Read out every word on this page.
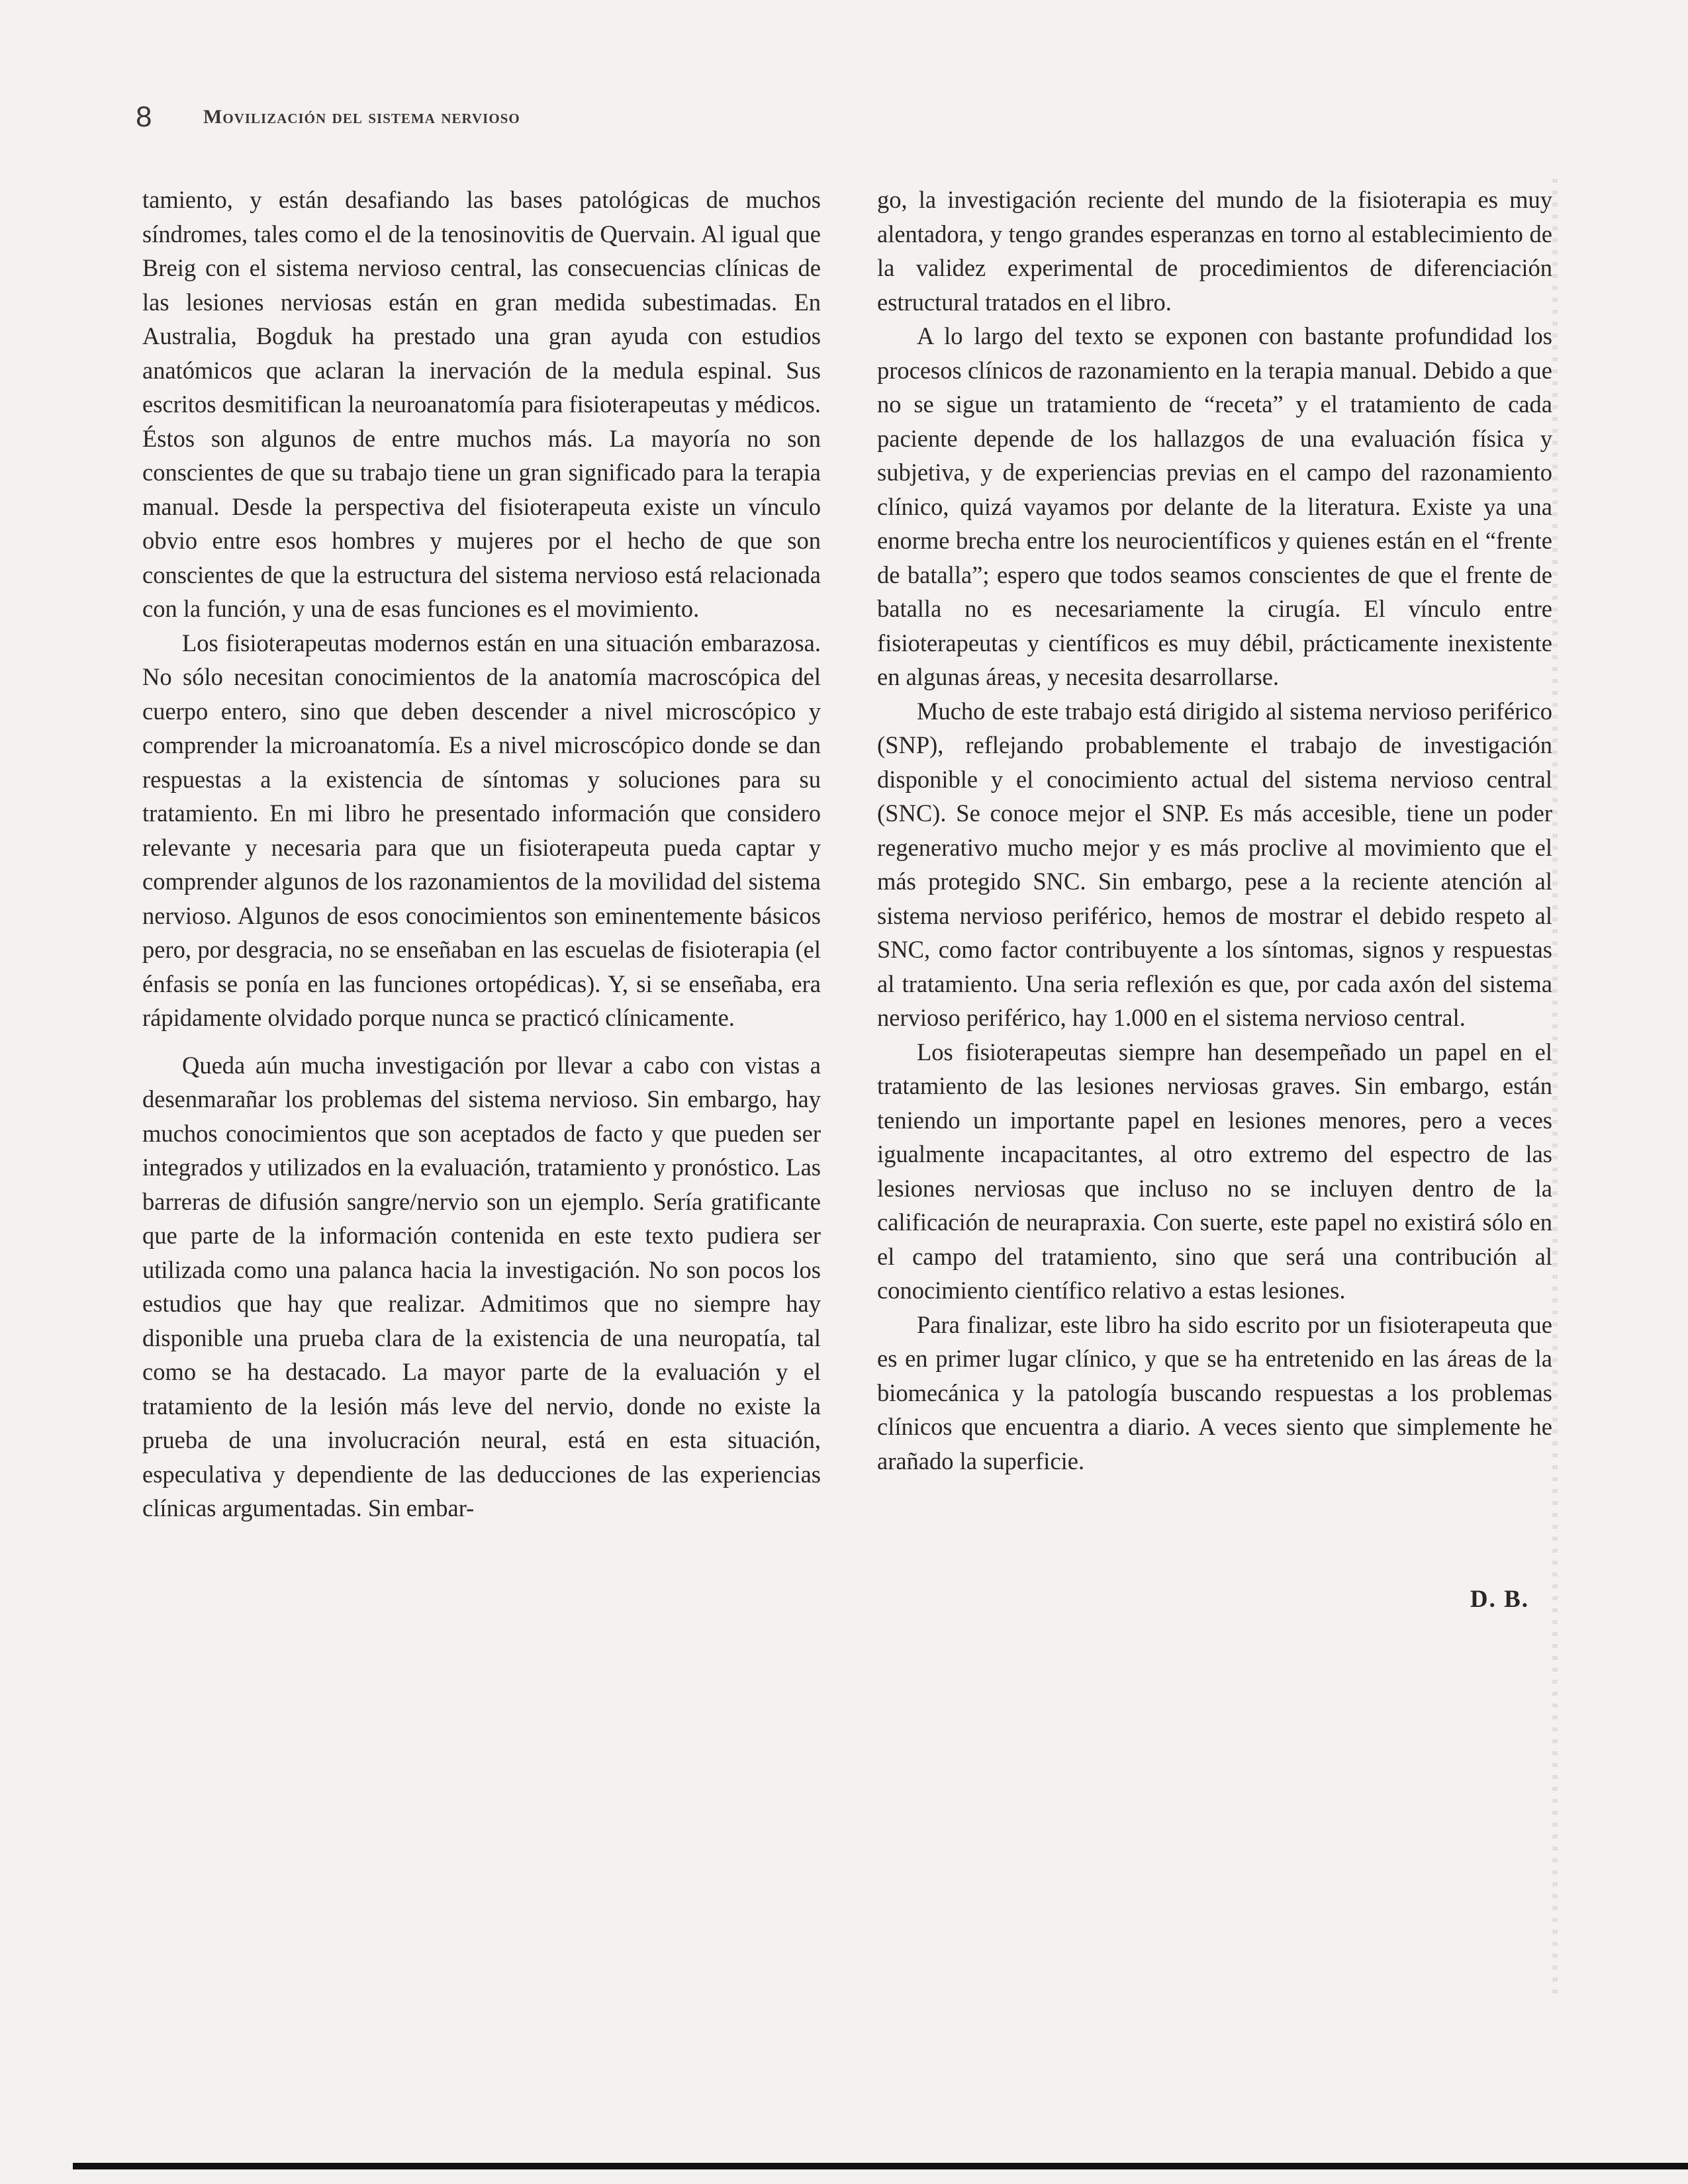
8	Movilización del sistema nervioso

tamiento, y están desafiando las bases patológicas de muchos síndromes, tales como el de la tenosinovitis de Quervain. Al igual que Breig con el sistema nervioso central, las consecuencias clínicas de las lesiones nerviosas están en gran medida subestimadas. En Australia, Bogduk ha prestado una gran ayuda con estudios anatómicos que aclaran la inervación de la medula espinal. Sus escritos desmitifican la neuroanatomía para fisioterapeutas y médicos. Éstos son algunos de entre muchos más. La mayoría no son conscientes de que su trabajo tiene un gran significado para la terapia manual. Desde la perspectiva del fisioterapeuta existe un vínculo obvio entre esos hombres y mujeres por el hecho de que son conscientes de que la estructura del sistema nervioso está relacionada con la función, y una de esas funciones es el movimiento.

Los fisioterapeutas modernos están en una situación embarazosa. No sólo necesitan conocimientos de la anatomía macroscópica del cuerpo entero, sino que deben descender a nivel microscópico y comprender la microanatomía. Es a nivel microscópico donde se dan respuestas a la existencia de síntomas y soluciones para su tratamiento. En mi libro he presentado información que considero relevante y necesaria para que un fisioterapeuta pueda captar y comprender algunos de los razonamientos de la movilidad del sistema nervioso. Algunos de esos conocimientos son eminentemente básicos pero, por desgracia, no se enseñaban en las escuelas de fisioterapia (el énfasis se ponía en las funciones ortopédicas). Y, si se enseñaba, era rápidamente olvidado porque nunca se practicó clínicamente.

Queda aún mucha investigación por llevar a cabo con vistas a desenmarañar los problemas del sistema nervioso. Sin embargo, hay muchos conocimientos que son aceptados de facto y que pueden ser integrados y utilizados en la evaluación, tratamiento y pronóstico. Las barreras de difusión sangre/nervio son un ejemplo. Sería gratificante que parte de la información contenida en este texto pudiera ser utilizada como una palanca hacia la investigación. No son pocos los estudios que hay que realizar. Admitimos que no siempre hay disponible una prueba clara de la existencia de una neuropatía, tal como se ha destacado. La mayor parte de la evaluación y el tratamiento de la lesión más leve del nervio, donde no existe la prueba de una involucración neural, está en esta situación, especulativa y dependiente de las deducciones de las experiencias clínicas argumentadas. Sin embar-

go, la investigación reciente del mundo de la fisioterapia es muy alentadora, y tengo grandes esperanzas en torno al establecimiento de la validez experimental de procedimientos de diferenciación estructural tratados en el libro.

A lo largo del texto se exponen con bastante profundidad los procesos clínicos de razonamiento en la terapia manual. Debido a que no se sigue un tratamiento de “receta” y el tratamiento de cada paciente depende de los hallazgos de una evaluación física y subjetiva, y de experiencias previas en el campo del razonamiento clínico, quizá vayamos por delante de la literatura. Existe ya una enorme brecha entre los neurocientíficos y quienes están en el “frente de batalla”; espero que todos seamos conscientes de que el frente de batalla no es necesariamente la cirugía. El vínculo entre fisioterapeutas y científicos es muy débil, prácticamente inexistente en algunas áreas, y necesita desarrollarse.

Mucho de este trabajo está dirigido al sistema nervioso periférico (SNP), reflejando probablemente el trabajo de investigación disponible y el conocimiento actual del sistema nervioso central (SNC). Se conoce mejor el SNP. Es más accesible, tiene un poder regenerativo mucho mejor y es más proclive al movimiento que el más protegido SNC. Sin embargo, pese a la reciente atención al sistema nervioso periférico, hemos de mostrar el debido respeto al SNC, como factor contribuyente a los síntomas, signos y respuestas al tratamiento. Una seria reflexión es que, por cada axón del sistema nervioso periférico, hay 1.000 en el sistema nervioso central.

Los fisioterapeutas siempre han desempeñado un papel en el tratamiento de las lesiones nerviosas graves. Sin embargo, están teniendo un importante papel en lesiones menores, pero a veces igualmente incapacitantes, al otro extremo del espectro de las lesiones nerviosas que incluso no se incluyen dentro de la calificación de neurapraxia. Con suerte, este papel no existirá sólo en el campo del tratamiento, sino que será una contribución al conocimiento científico relativo a estas lesiones.

Para finalizar, este libro ha sido escrito por un fisioterapeuta que es en primer lugar clínico, y que se ha entretenido en las áreas de la biomecánica y la patología buscando respuestas a los problemas clínicos que encuentra a diario. A veces siento que simplemente he arañado la superficie.

D. B.
